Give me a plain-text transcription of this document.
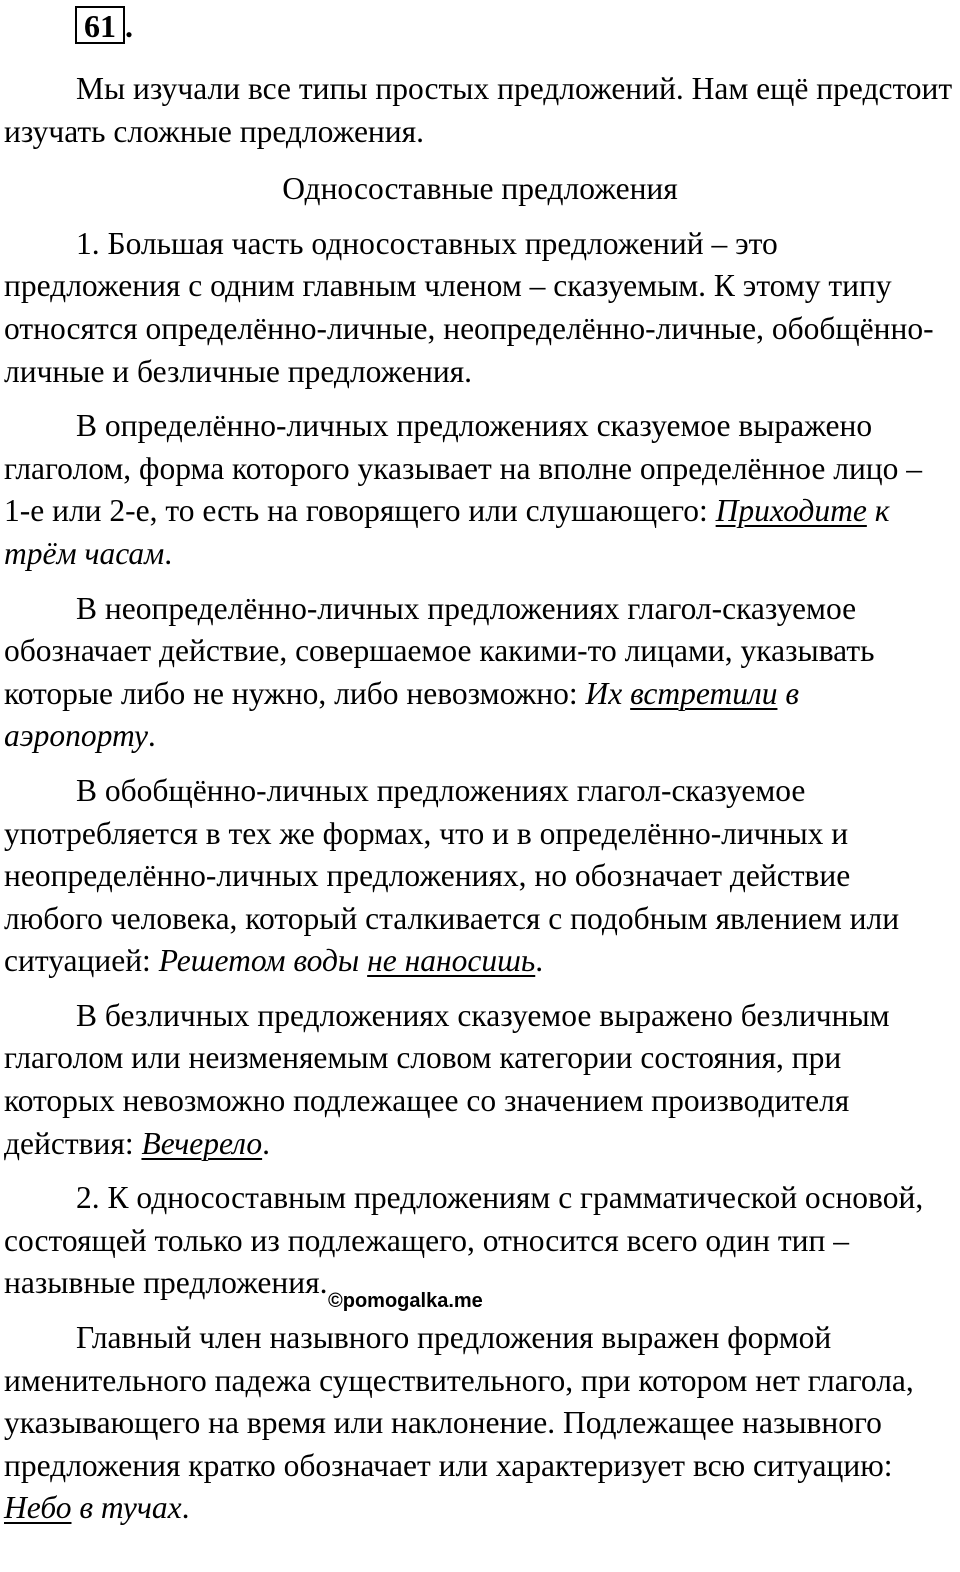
61 .

Мы изучали все типы простых предложений. Нам ещё предстоит изучать сложные предложения.

Односоставные предложения

1. Большая часть односоставных предложений – это предложения с одним главным членом – сказуемым. К этому типу относятся определённо-личные, неопределённо-личные, обобщённо-личные и безличные предложения.

В определённо-личных предложениях сказуемое выражено глаголом, форма которого указывает на вполне определённое лицо – 1-е или 2-е, то есть на говорящего или слушающего: Приходите к трём часам.

В неопределённо-личных предложениях глагол-сказуемое обозначает действие, совершаемое какими-то лицами, указывать которые либо не нужно, либо невозможно: Их встретили в аэропорту.

В обобщённо-личных предложениях глагол-сказуемое употребляется в тех же формах, что и в определённо-личных и неопределённо-личных предложениях, но обозначает действие любого человека, который сталкивается с подобным явлением или ситуацией: Решетом воды не наносишь.

В безличных предложениях сказуемое выражено безличным глаголом или неизменяемым словом категории состояния, при которых невозможно подлежащее со значением производителя действия: Вечерело.

2. К односоставным предложениям с грамматической основой, состоящей только из подлежащего, относится всего один тип – назывные предложения.

Главный член назывного предложения выражен формой именительного падежа существительного, при котором нет глагола, указывающего на время или наклонение. Подлежащее назывного предложения кратко обозначает или характеризует всю ситуацию: Небо в тучах.

©pomogalka.me
